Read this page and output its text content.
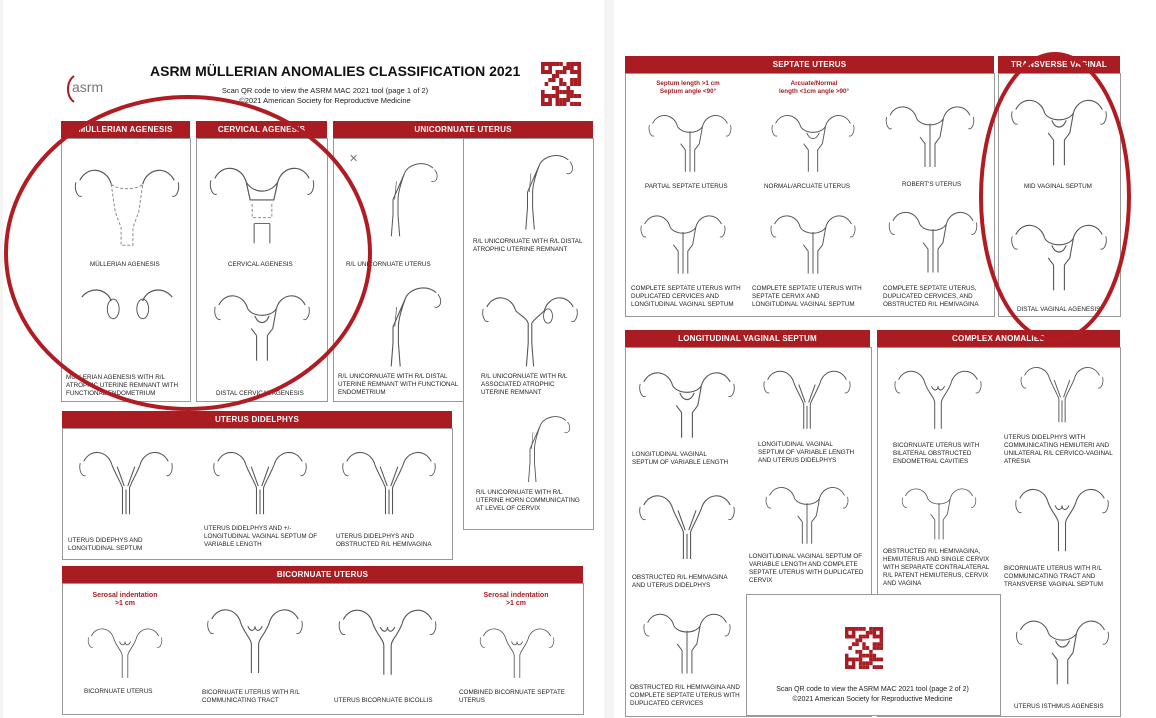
asrm
ASRM MÜLLERIAN ANOMALIES CLASSIFICATION 2021
Scan QR code to view the ASRM MAC 2021 tool (page 1 of 2)
©2021 American Society for Reproductive Medicine
MÜLLERIAN AGENESIS	CERVICAL AGENESIS	UNICORNUATE UTERUS
UTERUS DIDELPHYS
BICORNUATE UTERUS
MÜLLERIAN AGENESIS
MÜLLERIAN AGENESIS WITH R/L ATROPHIC UTERINE REMNANT WITH FUNCTIONAL ENDOMETRIUM
CERVICAL AGENESIS
DISTAL CERVICAL AGENESIS
R/L UNICORNUATE UTERUS
R/L UNICORNUATE WITH R/L DISTAL ATROPHIC UTERINE REMNANT
R/L UNICORNUATE WITH R/L DISTAL UTERINE REMNANT WITH FUNCTIONAL ENDOMETRIUM
R/L UNICORNUATE WITH R/L ASSOCIATED ATROPHIC UTERINE REMNANT
R/L UNICORNUATE WITH R/L UTERINE HORN COMMUNICATING AT LEVEL OF CERVIX
UTERUS DIDEPHYS AND LONGITUDINAL SEPTUM
UTERUS DIDELPHYS AND +/- LONGITUDINAL VAGINAL SEPTUM OF VARIABLE LENGTH
UTERUS DIDELPHYS AND OBSTRUCTED R/L HEMIVAGINA
BICORNUATE UTERUS	BICORNUATE UTERUS WITH R/L COMMUNICATING TRACT	UTERUS BICORNUATE BICOLLIS
COMBINED BICORNUATE SEPTATE UTERUS
Serosal indentation
>1 cm
Serosal indentation
>1 cm
SEPTATE UTERUS	TRANSVERSE VAGINAL
LONGITUDINAL VAGINAL SEPTUM	COMPLEX ANOMALIES
Septum length >1 cm
Septum angle <90°
Arcuate/Normal
length <1cm angle >90°
PARTIAL SEPTATE UTERUS	NORMAL/ARCUATE UTERUS	ROBERT'S UTERUS
COMPLETE SEPTATE UTERUS WITH DUPLICATED CERVICES AND LONGITUDINAL VAGINAL SEPTUM
COMPLETE SEPTATE UTERUS WITH SEPTATE CERVIX AND LONGITUDINAL VAGINAL SEPTUM
COMPLETE SEPTATE UTERUS, DUPLICATED CERVICES, AND OBSTRUCTED R/L HEMIVAGINA
MID VAGINAL SEPTUM
DISTAL VAGINAL AGENESIS
LONGITUDINAL VAGINAL SEPTUM OF VARIABLE LENGTH
LONGITUDINAL VAGINAL SEPTUM OF VARIABLE LENGTH AND UTERUS DIDELPHYS
OBSTRUCTED R/L HEMIVAGINA AND UTERUS DIDELPHYS
LONGITUDINAL VAGINAL SEPTUM OF VARIABLE LENGTH AND COMPLETE SEPTATE UTERUS WITH DUPLICATED CERVIX
OBSTRUCTED R/L HEMIVAGINA AND COMPLETE SEPTATE UTERUS WITH DUPLICATED CERVICES
BICORNUATE UTERUS WITH BILATERAL OBSTRUCTED ENDOMETRIAL CAVITIES
UTERUS DIDELPHYS WITH COMMUNICATING HEMIUTERI AND UNILATERAL R/L CERVICO-VAGINAL ATRESIA
OBSTRUCTED R/L HEMIVAGINA, HEMIUTERUS AND SINGLE CERVIX WITH SEPARATE CONTRALATERAL R/L PATENT HEMIUTERUS, CERVIX AND VAGINA
BICORNUATE UTERUS WITH R/L COMMUNICATING TRACT AND TRANSVERSE VAGINAL SEPTUM
UTERUS ISTHMUS AGENESIS
Scan QR code to view the ASRM MAC 2021 tool (page 2 of 2)
©2021 American Society for Reproductive Medicine
✕
